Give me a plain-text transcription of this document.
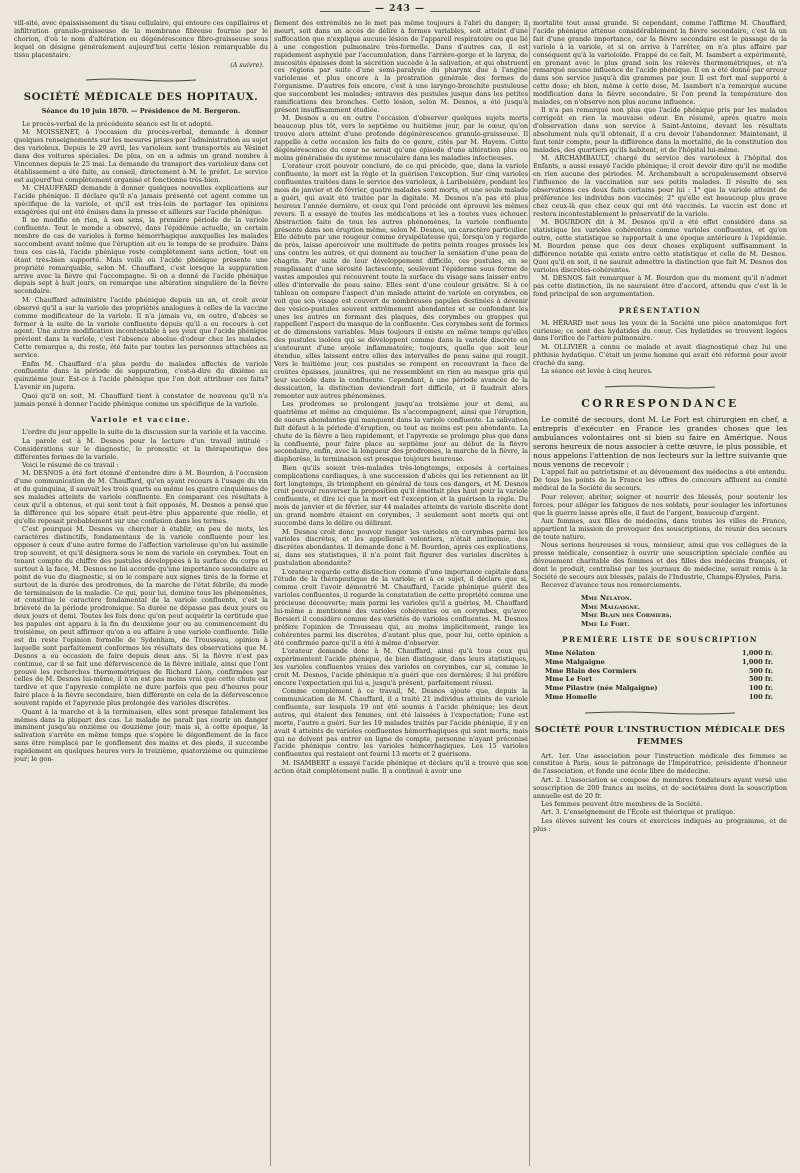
— 243 —

vill-sité, avec épaississement du tissu cellulaire, qui entoure ces capillaires et infiltration granulo-graisseuse de la membrane fibreuse fournie par le chorion, d'où le nom d'altération ou dégénérescence fibro-graisseuse sous lequel on désigne généralement aujourd'hui cette lésion remarquable du tissu placentaire.

(A suivre).
SOCIÉTÉ MÉDICALE DES HOPITAUX.

Séance du 10 juin 1870. — Présidence de M. Bergeron.

Le procès-verbal de la précédente séance est lu et adopté.

M. MOISSENET, à l'occasion du procès-verbal, demande à donner quelques renseignements sur les mesures prises par l'administration au sujet des varioleux. Depuis le 29 avril, les varioleux sont transportés au Vésinet dans des voitures spéciales. De plus, on en a admis un grand nombre à Vincennes depuis le 25 mai. La demande du transport des varioleux dans cet établissement a été faite, au conseil, directement à M. le préfet. Le service est aujourd'hui complètement organisé et fonctionne très-bien.

M. CHAUFFARD demande à donner quelques nouvelles explications sur l'acide phénique. Il déclare qu'il n'a jamais présenté cet agent comme un spécifique de la variole, et qu'il est très-loin de partager les opinions exagérées qui ont été émises dans la presse et ailleurs sur l'acide phénique.

Il ne modifie en rien, à son sens, la première période de la variole confluente. Tout le monde a observé, dans l'épidémie actuelle, un certain nombre de cas de varioles à forme hémorrhagique auxquelles les malades succombent avant même que l'éruption ait eu le temps de se produire. Dans tous ces cas-là, l'acide phénique reste complètement sans action, tout en étant très-bien supporté. Mais voilà où l'acide phénique présente une propriété remarquable, selon M. Chauffard, c'est lorsque la suppuration arrive avec la fièvre qui l'accompagne. Si on a donné de l'acide phénique depuis sept à huit jours, on remarque une altération singulière de la fièvre secondaire.

M. Chauffard administre l'acide phénique depuis un an, et croit avoir observé qu'il a sur la variole des propriétés analogues à celles de la vaccine comme modificateur de la variole. Il n'a jamais vu, en outre, d'abcès se former à la suite de la variole confluente depuis qu'il a eu recours à cet agent. Une autre modification incontestable à ses yeux que l'acide phénique prévient dans la variole, c'est l'absence absolue d'odeur chez les malades. Cette remarque a, du reste, été faite par toutes les personnes attachées au service.

Enfin M. Chauffard n'a plus perdu de malades affectés de variole confluente dans la période de suppuration, c'est-à-dire du dixième au quinzième jour. Est-ce à l'acide phénique que l'on doit attribuer ces faits? L'avenir en jugera.

Quoi qu'il en soit, M. Chauffard tient à constater de nouveau qu'il n'a jamais pensé à donner l'acide phénique comme un spécifique de la variole.

Variole et vaccine.

L'ordre du jour appelle la suite de la discussion sur la variole et la vaccine.

La parole est à M. Desnos pour la lecture d'un travail intitulé : Considérations sur le diagnostic, le pronostic et la thérapeutique des différentes formes de la variole.

Voici le résumé de ce travail :

M. DESNOS a été fort étonné d'entendre dire à M. Bourdon, à l'occasion d'une communication de M. Chauffard, qu'en ayant recours à l'usage du vin et du quinquina, il sauvait les trois quarts ou même les quatre cinquièmes de ses malades atteints de variole confluente. En comparant ces résultats à ceux qu'il a obtenus, et qui sont tout à fait opposés, M. Desnos a pensé que la différence qui les sépare était peut-être plus apparente que réelle, et qu'elle reposait probablement sur une confusion dans les termes.

C'est pourquoi M. Desnos va chercher à établir, en peu de mots, les caractères distinctifs, fondamentaux de la variole confluente pour les opposer à ceux d'une autre forme de l'affection varioleuse qu'on lui assimile trop souvent, et qu'il désignera sous le nom de variole en corymbes. Tout en tenant compte du chiffre des pustules développées à la surface du corps et surtout à la face, M. Desnos ne lui accorde qu'une importance secondaire au point de vue du diagnostic, si on le compare aux signes tirés de la forme et surtout de la durée des prodromes, de la marche de l'état fébrile, du mode de terminaison de la maladie. Ce qui, pour lui, domine tous les phénomènes, et constitue le caractère fondamental de la variole confluente, c'est la brièveté de la période prodromique. Sa durée ne dépasse pas deux jours ou deux jours et demi. Toutes les fois donc qu'on peut acquérir la certitude que les papules ont apparu à la fin du deuxième jour ou au commencement du troisième, on peut affirmer qu'on a eu affaire à une variole confluente. Telle est du reste l'opinion formelle de Sydenham, de Trousseau, opinion à laquelle sont parfaitement conformes les résultats des observations que M. Desnos a eu occasion de faire depuis deux ans. Si la fièvre n'est pas continue, car il se fait une défervescence de la fièvre initiale, ainsi que l'ont prouvé les recherches thermométriques de Richard Léon, confirmées par celles de M. Desnos lui-même, il n'en est pas moins vrai que cette chute est tardive et que l'apyrexie complète ne dure parfois que peu d'heures pour faire place à la fièvre secondaire, bien différente en cela de la défervescence souvent rapide et l'apyrexie plus prolongée des varioles discrètes.

Quant à la marche et à la terminaison, elles sont presque fatalement les mêmes dans la plupart des cas. Le malade ne paraît pas courir un danger imminent jusqu'au onzième ou douzième jour; mais si, à cette époque, la salivation s'arrête en même temps que s'opère le dégonflement de la face sans être remplacé par le gonflement des mains et des pieds, il succombe rapidement en quelques heures vers le treizième, quatorzième ou quinzième jour; le gon-

flement des extrémités ne le met pas même toujours à l'abri du danger; il meurt, soit dans un accès de délire à formes variables, soit atteint d'une suffocation que n'explique aucune lésion de l'appareil respiratoire ou que lié à une congestion pulmonaire très-formelle. Dans d'autres cas, il est rapidement asphyxié par l'accumulation, dans l'arrière-gorge et le larynx, de mucosités épaisses dont la sécrétion succède à la salivation, et qui obstruent ces régions par suite d'une semi-paralysie du pharynx due à l'angine varioleuse et plus encore à la prostration générale des formes de l'organisme. D'autres fois encore, c'est à une laryngo-bronchite pustuleuse que succombent les malades; entraves des pustules jusque dans les petites ramifications des bronches. Cette lésion, selon M. Desnos, a été jusqu'à présent insuffisamment étudiée.

M. Desnos a eu en outre l'occasion d'observer quelques sujets morts beaucoup plus tôt, vers le septième ou huitième jour, par le cœur, qu'on trouve alors atteint d'une profonde dégénérescence granulo-graisseuse. Il rappelle à cette occasion les faits de ce genre, cités par M. Hayem. Cette dégénérescence du cœur ne serait qu'une épisode d'une altération plus ou moins généralisée du système musculaire dans les maladies infectieuses.

L'orateur croit pouvoir conclure, de ce qui précède, que, dans la variole confluente, la mort est la règle et la guérison l'exception. Sur cinq varioles confluentes traitées dans le service des varioleux, à Lariboisière, pendant les mois de janvier et de février, quatre malades sont morts, et une seule malade a guéri, qui avait été traitée par la digitale. M. Desnos n'a pas été plus heureux l'année dernière, et ceux qui l'ont précédé ont éprouvé les mêmes revers. Il a essayé de toutes les médications et les a toutes vues échouer. Abstraction faite de tous les autres phénomènes, la variole confluente présente dans son éruption même, selon M. Desnos, un caractère particulier. Elle débute par une rougeur comme érysipélateuse qui, lorsqu'on y regarde de près, laisse apercevoir une multitude de petits points rouges pressés les uns contre les autres, et qui donnent au toucher la sensation d'une peau de chagrin. Par suite de leur développement difficile, ces pustules, en se remplissant d'une sérosité lactescente, soulèvent l'épiderme sous forme de vastes ampoules qui recouvrent toute la surface du visage sans laisser entre elles d'intervalle de peau saine. Elles sont d'une couleur grisâtre. Si à ce tableau on compare l'aspect d'un malade atteint de variole en corymbes, on voit que son visage est couvert de nombreuses papules destinées à devenir des vésico-pustules souvent extrêmement abondantes et se confondant les unes les autres en formant des plaques, des corymbes ou grappes qui rappellent l'aspect du masque de la confluente. Ces corymbes sont de formes et de dimensions variables. Mais toujours il existe en même temps qu'elles des pustules isolées qui se développent comme dans la variole discrète en s'entourant d'une aréole inflammatoire; toujours, quelle que soit leur étendue, elles laissent entre elles des intervalles de peau saine qui rougit. Vers le huitième jour, ces pustules se rompent en recouvrant la face de croûtes épaisses, jaunâtres, qui ne ressemblent en rien au masque gris qui leur succède dans la confluente. Cependant, à une période avancée de la dessication, la distinction deviendrait fort difficile, et il faudrait alors remonter aux autres phénomènes.

Les prodromes se prolongent jusqu'au troisième jour et demi, au quatrième et même au cinquième. Ils s'accompagnent, ainsi que l'éruption, de sueurs abondantes qui manquent dans la variole confluente. La salivation fait défaut à la période d'éruption, ou tout au moins est peu abondante. La chute de la fièvre a lieu rapidement, et l'apyrexie se prolonge plus que dans la confluente, pour faire place au septième jour au début de la fièvre secondaire, enfin, avec la longueur des prodromes, la marche de la fièvre, la diaphorèse, la terminaison est presque toujours heureuse.

Bien qu'ils soient très-malades très-longtemps, exposés à certaines complications cardiaques, à une succession d'abcès qui les retiennent au lit fort longtemps, ils triomphent en général de tous ces dangers, et M. Desnos croit pouvoir renverser la proposition qu'il émettait plus haut pour la variole confluente, et dire ici que la mort est l'exception et la guérison la règle. Du mois de janvier et de février, sur 44 malades atteints de variole discrète dont un grand nombre étaient en corymbes, 3 seulement sont morts qui ont succombé dans le délire ou délirant.

M. Desnos croit donc pouvoir ranger les varioles en corymbes parmi les varioles discrètes, et les appellerait volontiers, n'était antinomie, des discrètes abondantes. Il demande donc à M. Bourdon, après ces explications, si, dans ses statistiques, il n'a point fait figurer des varioles discrètes à pustulation abondante?

L'orateur regarde cette distinction comme d'une importance capitale dans l'étude de la thérapeutique de la variole; et à ce sujet, il déclare que si, comme croit l'avoir démontré M. Chauffard, l'acide phénique guérit des varioles confluentes, il regarde la constatation de cette propriété comme une précieuse découverte; mais parmi les varioles qu'il a guéries, M. Chauffard lui-même a mentionné des varioles cohérentes ou en corymbes, qu'avec Borsieri il considère comme des variétés de varioles confluentes. M. Desnos préfère l'opinion de Trousseau qui, au moins implicitement, range les cohérentes parmi les discrètes, d'autant plus que, pour lui, cette opinion a été confirmée parce qu'il a été à même d'observer.

L'orateur demande donc à M. Chauffard, ainsi qu'à tous ceux qui expérimentent l'acide phénique, de bien distinguer, dans leurs statistiques, les varioles confluentes vraies des varioles en corymbes, car si, comme le croit M. Desnos, l'acide phénique n'a guéri que ces dernières; il lui préfère encore l'expectation qui lui a, jusqu'à présent, parfaitement réussi.

Comme complément à ce travail, M. Desnos ajoute que, depuis la communication de M. Chauffard, il a traité 21 individus atteints de variole confluente, sur lesquels 19 ont été soumis à l'acide phénique; les deux autres, qui étaient des femmes, ont été laissées à l'expectation; l'une est morte, l'autre a guéri. Sur les 19 malades traités par l'acide phénique, il y en avait 4 atteints de varioles confluentes hémorrhagiques qui sont morts, mais qui ne doivent pas entrer en ligne de compte, personne n'ayant préconisé l'acide phénique contre les varioles hémorrhagiques. Les 15 varioles confluentes qui restaient ont fourni 13 morts et 2 guérisons.

M. ISAMBERT a essayé l'acide phénique et déclare qu'il a trouvé que son action était complètement nulle. Il a continué à avoir une

mortalité tout aussi grande. Si cependant, comme l'affirme M. Chauffard, l'acide phénique atténue considérablement la fièvre secondaire, c'est là un fait d'une grande importance, car la fièvre secondaire est le passage de la variole à la variole, et si on arrive à l'arrêter, on n'a plus affaire par conséquent qu'à la varioloïde. Frappé de ce fait, M. Isambert a expérimenté, en prenant avec le plus grand soin les relevés thermométriques, et n'a remarqué aucune influence de l'acide phénique. Il en a été donné par erreur dans son service jusqu'à dix grammes par jour. Il est fort mal supporté à cette dose; eh bien, même à cette dose, M. Isambert n'a remarqué aucune modification dans la fièvre secondaire. Si l'on prend la température des malades, on n'observe non plus aucune influence.

Il n'a pas remarqué non plus que l'acide phénique pris par les malades corrigeât en rien la mauvaise odeur. En résumé, après quatre mois d'observation dans son service à Saint-Antoine, devant les résultats absolument nuls qu'il obtenait, il a cru devoir l'abandonner. Maintenant, il faut tenir compte, pour la différence dans la mortalité, de la constitution des malades, des quartiers qu'ils habitent, et de l'hôpital lui-même.

M. ARCHAMBAULT, chargé du service des varioleux à l'hôpital des Enfants, a aussi essayé l'acide phénique; il croit devoir dire qu'il ne modifie en rien aucune des périodes. M. Archambault a scrupuleusement observé l'influence de la vaccination sur ses petits malades. Il résulte de ses observations ces deux faits certains pour lui : 1° que la variole atteint de préférence les individus non vaccinés; 2° qu'elle est beaucoup plus grave chez ceux-là que chez ceux qui ont été vaccinés. Le vaccin est donc et restera incontestablement le préservatif de la variole.

M. BOURDON dit à M. Desnos qu'il a été effet considéré dans sa statistique les varioles cohérentes comme varioles confluentes, et qu'en outre, cette statistique se rapportait à une époque antérieure à l'épidémie. M. Bourdon pense que ces deux choses expliquent suffisamment la différence notable qui existe entre cette statistique et celle de M. Desnos. Quoi qu'il en soit, il ne saurait admettre la distinction que fait M. Desnos des varioles discrètes-cohérentes.

M. DESNOS fait remarquer à M. Bourdon que du moment qu'il n'admet pas cette distinction, ils ne sauraient être d'accord, attendu que c'est là le fond principal de son argumentation.

PRÉSENTATION

M. HÉRARD met sous les yeux de la Société une pièce anatomique fort curieuse; ce sont des hydatides du cœur. Ces hydatides se trouvent logées dans l'orifice de l'artère pulmonaire.

M. OLLIVIER a connu ce malade et avait diagnostiqué chez lui une phthisie hydatique. C'était un jeune homme qui avait été réformé pour avoir craché du sang.

La séance est levée à cinq heures.

CORRESPONDANCE

Le comité de secours, dont M. Le Fort est chirurgien en chef, a entrepris d'exécuter en France les grandes choses que les ambulances volontaires ont si bien su faire en Amérique. Nous serons heureux de nous associer à cette œuvre, le plus possible, et nous appelons l'attention de nos lecteurs sur la lettre suivante que nous venons de recevoir :

L'appel fait au patriotisme et au dévouement des médecins a été entendu. De tous les points de la France les offres de concours affluent au comité médical de la Société de secours.

Pour relever, abriter, soigner et nourrir des blessés, pour soutenir les forces, pour alléger les fatigues de nos soldats, pour soulager les infortunes que la guerre laisse après elle, il faut de l'argent, beaucoup d'argent.

Aux femmes, aux filles de médecins, dans toutes les villes de France, appartient la mission de provoquer des souscriptions, de réunir des secours de toute nature.

Nous serions heureuses si vous, monsieur, ainsi que vos collègues de la presse médicale, consentiez à ouvrir une souscription spéciale confiée au dévouement charitable des femmes et des filles des médecins français, et dont le produit, centralisé par les journaux de médecine, serait remis à la Société de secours aux blessés, palais de l'Industrie, Champs-Élysées, Paris.

Recevez d'avance tous nos remerciements.

Mme Nélaton.
Mme Malgaigne.
Mme Blain des Cormiers.
Mme Le Fort.
PREMIÈRE LISTE DE SOUSCRIPTION
Mme Nélaton	1,000 fr.
Mme Malgaigne	1,000 fr.
Mme Blain des Cormiers	500 fr.
Mme Le Fort	500 fr.
Mme Pilastre (née Malgaigne)	100 fr.
Mme Homelle	100 fr.
SOCIÉTÉ POUR L'INSTRUCTION MÉDICALE DES FEMMES

Art. 1er. Une association pour l'instruction médicale des femmes se constitue à Paris, sous le patronage de l'Impératrice, présidente d'honneur de l'association, et fonde une école libre de médecine.

Art. 2. L'association se compose de membres fondateurs ayant versé une souscription de 200 francs au moins, et de sociétaires dont la souscription annuelle est de 20 fr.

Les femmes peuvent être membres de la Société.

Art. 3. L'enseignement de l'École est théorique et pratique.

Les élèves suivent les cours et exercices indiqués au programme, et de plus :
